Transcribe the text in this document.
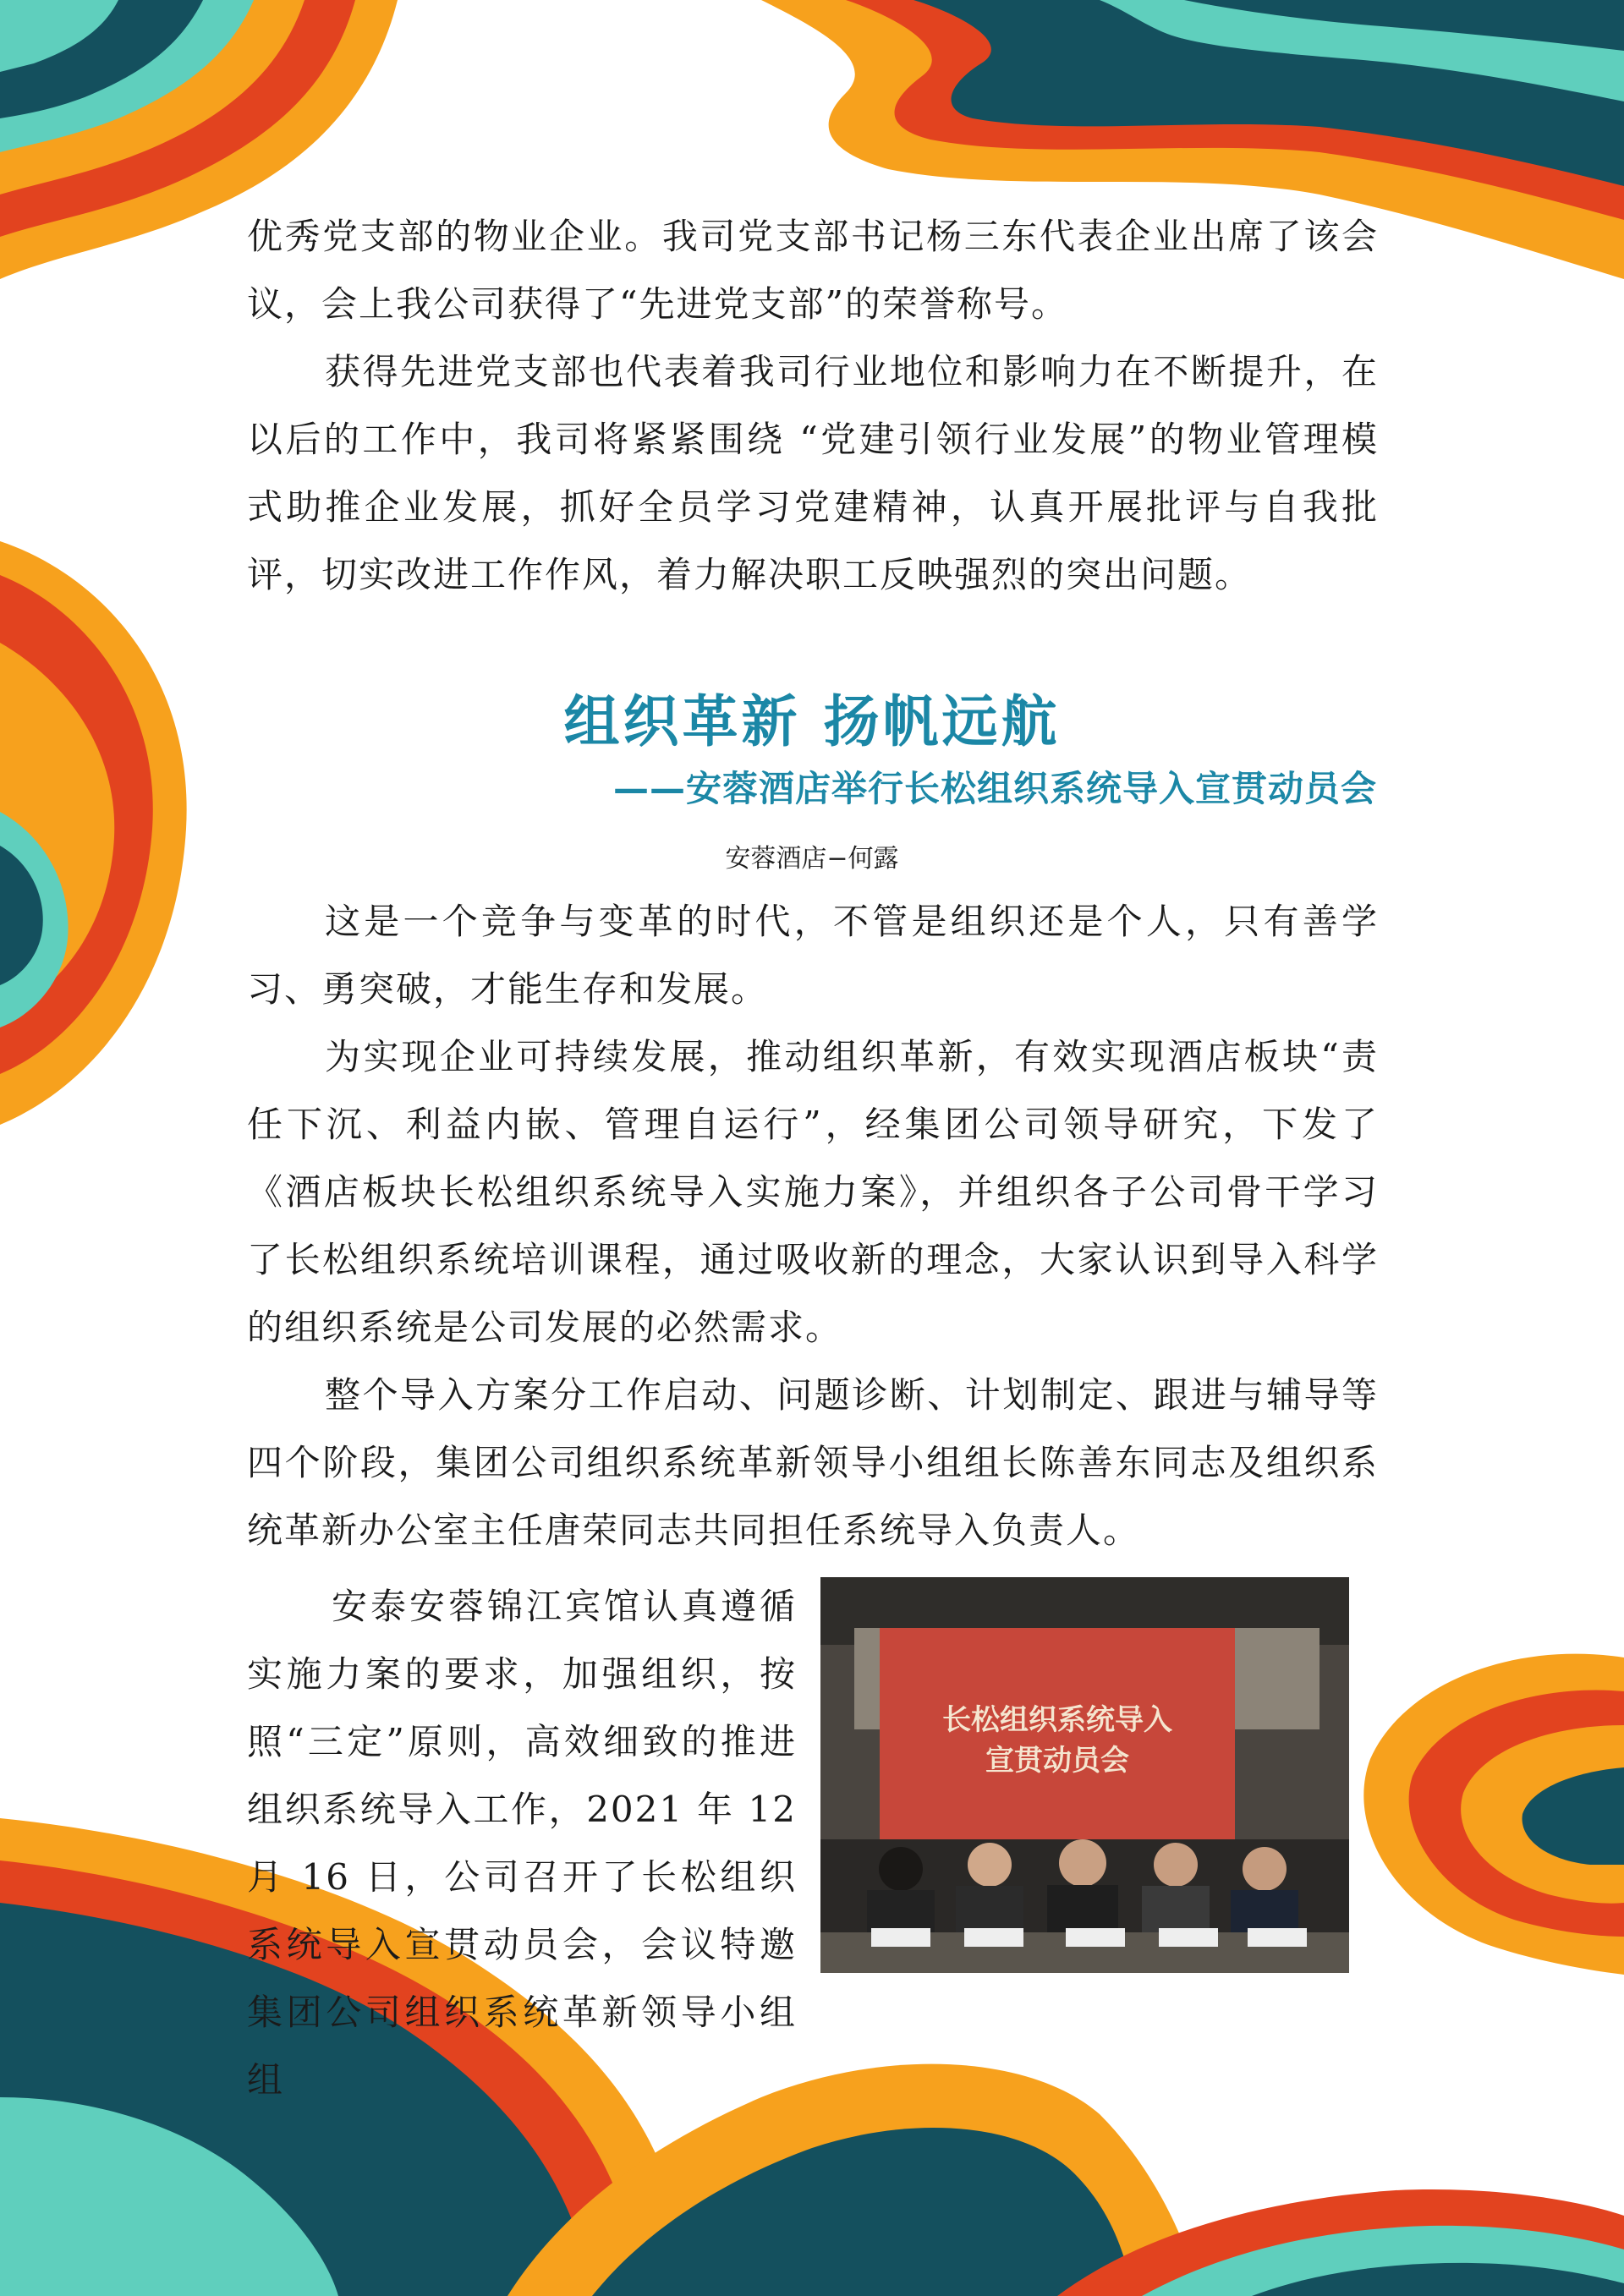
优秀党支部的物业企业。我司党支部书记杨三东代表企业出席了该会议，会上我公司获得了“先进党支部”的荣誉称号。

获得先进党支部也代表着我司行业地位和影响力在不断提升，在以后的工作中，我司将紧紧围绕 “党建引领行业发展”的物业管理模式助推企业发展，抓好全员学习党建精神，认真开展批评与自我批评，切实改进工作作风，着力解决职工反映强烈的突出问题。

组织革新 扬帆远航
——安蓉酒店举行长松组织系统导入宣贯动员会
安蓉酒店−何露

这是一个竞争与变革的时代，不管是组织还是个人，只有善学习、勇突破，才能生存和发展。

为实现企业可持续发展，推动组织革新，有效实现酒店板块“责任下沉、利益内嵌、管理自运行”，经集团公司领导研究，下发了《酒店板块长松组织系统导入实施力案》，并组织各子公司骨干学习了长松组织系统培训课程，通过吸收新的理念，大家认识到导入科学的组织系统是公司发展的必然需求。

整个导入方案分工作启动、问题诊断、计划制定、跟进与辅导等四个阶段，集团公司组织系统革新领导小组组长陈善东同志及组织系统革新办公室主任唐荣同志共同担任系统导入负责人。

安泰安蓉锦江宾馆认真遵循实施力案的要求，加强组织，按照“三定”原则，高效细致的推进组织系统导入工作，2021 年 12 月 16 日，公司召开了长松组织系统导入宣贯动员会，会议特邀集团公司组织系统革新领导小组组

长松组织系统导入
宣贯动员会
